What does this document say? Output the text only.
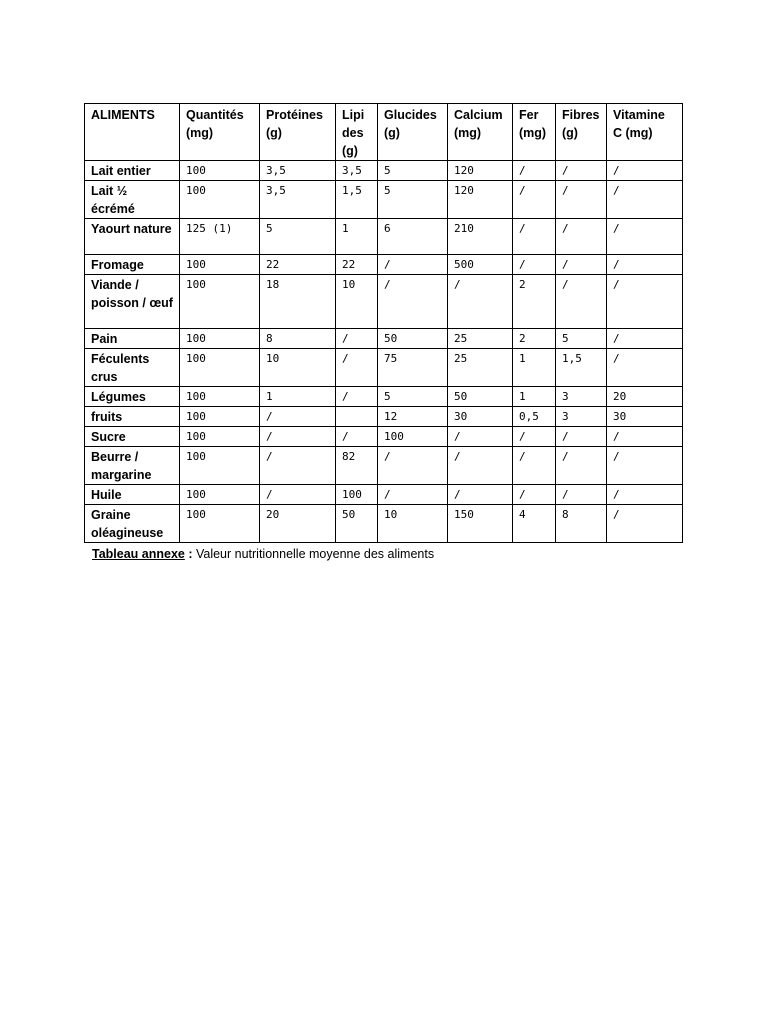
ALIMENTS	Quantités (mg)	Protéines (g)	Lipi des (g)	Glucides (g)	Calcium (mg)	Fer (mg)	Fibres (g)	Vitamine C (mg)
Lait entier	100	3,5	3,5	5	120	/	/	/
Lait ½ écrémé	100	3,5	1,5	5	120	/	/	/
Yaourt nature	125 (1)	5	1	6	210	/	/	/
Fromage	100	22	22	/	500	/	/	/
Viande / poisson / œuf	100	18	10	/	/	2	/	/
Pain	100	8	/	50	25	2	5	/
Féculents crus	100	10	/	75	25	1	1,5	/
Légumes	100	1	/	5	50	1	3	20
fruits	100	/		12	30	0,5	3	30
Sucre	100	/	/	100	/	/	/	/
Beurre / margarine	100	/	82	/	/	/	/	/
Huile	100	/	100	/	/	/	/	/
Graine oléagineuse	100	20	50	10	150	4	8	/
Tableau annexe : Valeur nutritionnelle moyenne des aliments
